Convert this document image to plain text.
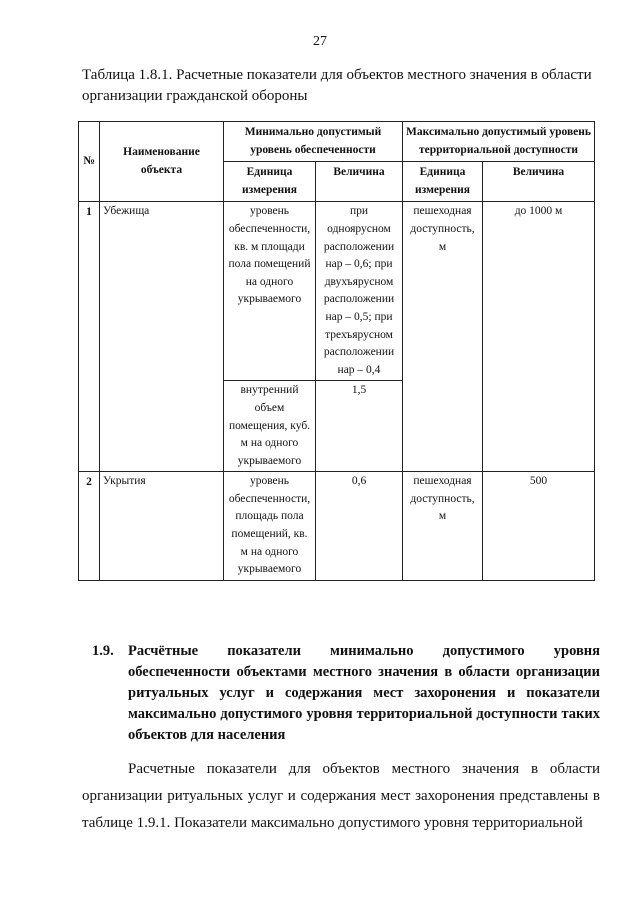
27
Таблица 1.8.1. Расчетные показатели для объектов местного значения в области организации гражданской обороны
№	Наименование объекта	Минимально допустимый уровень обеспеченности		Максимально допустимый уровень территориальной доступности	
		Единица измерения	Величина	Единица измерения	Величина
1	Убежища	уровень обеспеченности, кв. м площади пола помещений на одного укрываемого	при одноярусном расположении нар – 0,6; при двухъярусном расположении нар – 0,5; при трехъярусном расположении нар – 0,4	пешеходная доступность, м	до 1000 м
		внутренний объем помещения, куб. м на одного укрываемого	1,5		
2	Укрытия	уровень обеспеченности, площадь пола помещений, кв. м на одного укрываемого	0,6	пешеходная доступность, м	500
1.9. Расчётные показатели минимально допустимого уровня обеспеченности объектами местного значения в области организации ритуальных услуг и содержания мест захоронения и показатели максимально допустимого уровня территориальной доступности таких объектов для населения
Расчетные показатели для объектов местного значения в области организации ритуальных услуг и содержания мест захоронения представлены в таблице 1.9.1. Показатели максимально допустимого уровня территориальной
